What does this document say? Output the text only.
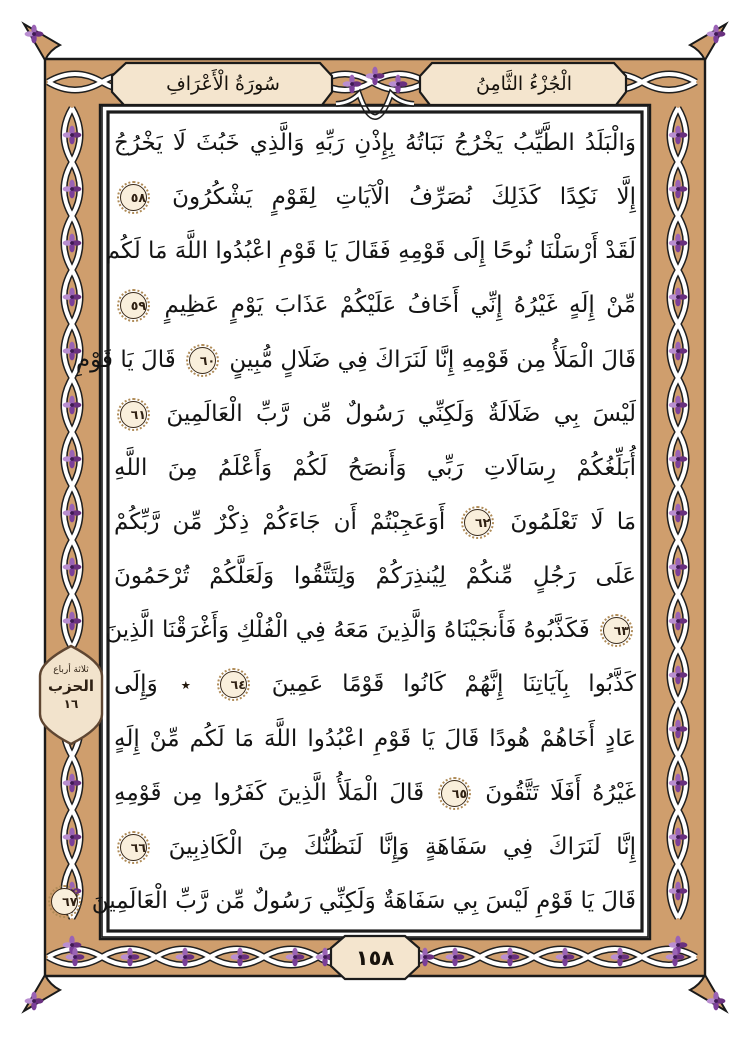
سُورَةُ الْأَعْرَافِ	الْجُزْءُ الثَّامِنُ
وَالْبَلَدُ الطَّيِّبُ يَخْرُجُ نَبَاتُهُ بِإِذْنِ رَبِّهِ وَالَّذِي خَبُثَ لَا يَخْرُجُ
إِلَّا نَكِدًا كَذَلِكَ نُصَرِّفُ الْآيَاتِ لِقَوْمٍ يَشْكُرُونَ ٥٨
لَقَدْ أَرْسَلْنَا نُوحًا إِلَى قَوْمِهِ فَقَالَ يَا قَوْمِ اعْبُدُوا اللَّهَ مَا لَكُم
مِّنْ إِلَهٍ غَيْرُهُ إِنِّي أَخَافُ عَلَيْكُمْ عَذَابَ يَوْمٍ عَظِيمٍ ٥٩
قَالَ الْمَلَأُ مِن قَوْمِهِ إِنَّا لَنَرَاكَ فِي ضَلَالٍ مُّبِينٍ ٦٠ قَالَ يَا قَوْمِ
لَيْسَ بِي ضَلَالَةٌ وَلَكِنِّي رَسُولٌ مِّن رَّبِّ الْعَالَمِينَ ٦١
أُبَلِّغُكُمْ رِسَالَاتِ رَبِّي وَأَنصَحُ لَكُمْ وَأَعْلَمُ مِنَ اللَّهِ
مَا لَا تَعْلَمُونَ ٦٢ أَوَعَجِبْتُمْ أَن جَاءَكُمْ ذِكْرٌ مِّن رَّبِّكُمْ
عَلَى رَجُلٍ مِّنكُمْ لِيُنذِرَكُمْ وَلِتَتَّقُوا وَلَعَلَّكُمْ تُرْحَمُونَ
٦٣ فَكَذَّبُوهُ فَأَنجَيْنَاهُ وَالَّذِينَ مَعَهُ فِي الْفُلْكِ وَأَغْرَقْنَا الَّذِينَ
كَذَّبُوا بِآيَاتِنَا إِنَّهُمْ كَانُوا قَوْمًا عَمِينَ ٦٤ ٭ وَإِلَى
عَادٍ أَخَاهُمْ هُودًا قَالَ يَا قَوْمِ اعْبُدُوا اللَّهَ مَا لَكُم مِّنْ إِلَهٍ
غَيْرُهُ أَفَلَا تَتَّقُونَ ٦٥ قَالَ الْمَلَأُ الَّذِينَ كَفَرُوا مِن قَوْمِهِ
إِنَّا لَنَرَاكَ فِي سَفَاهَةٍ وَإِنَّا لَنَظُنُّكَ مِنَ الْكَاذِبِينَ ٦٦
قَالَ يَا قَوْمِ لَيْسَ بِي سَفَاهَةٌ وَلَكِنِّي رَسُولٌ مِّن رَّبِّ الْعَالَمِينَ ٦٧
ثلاثة أرباع
الحزب
١٦
١٥٨
